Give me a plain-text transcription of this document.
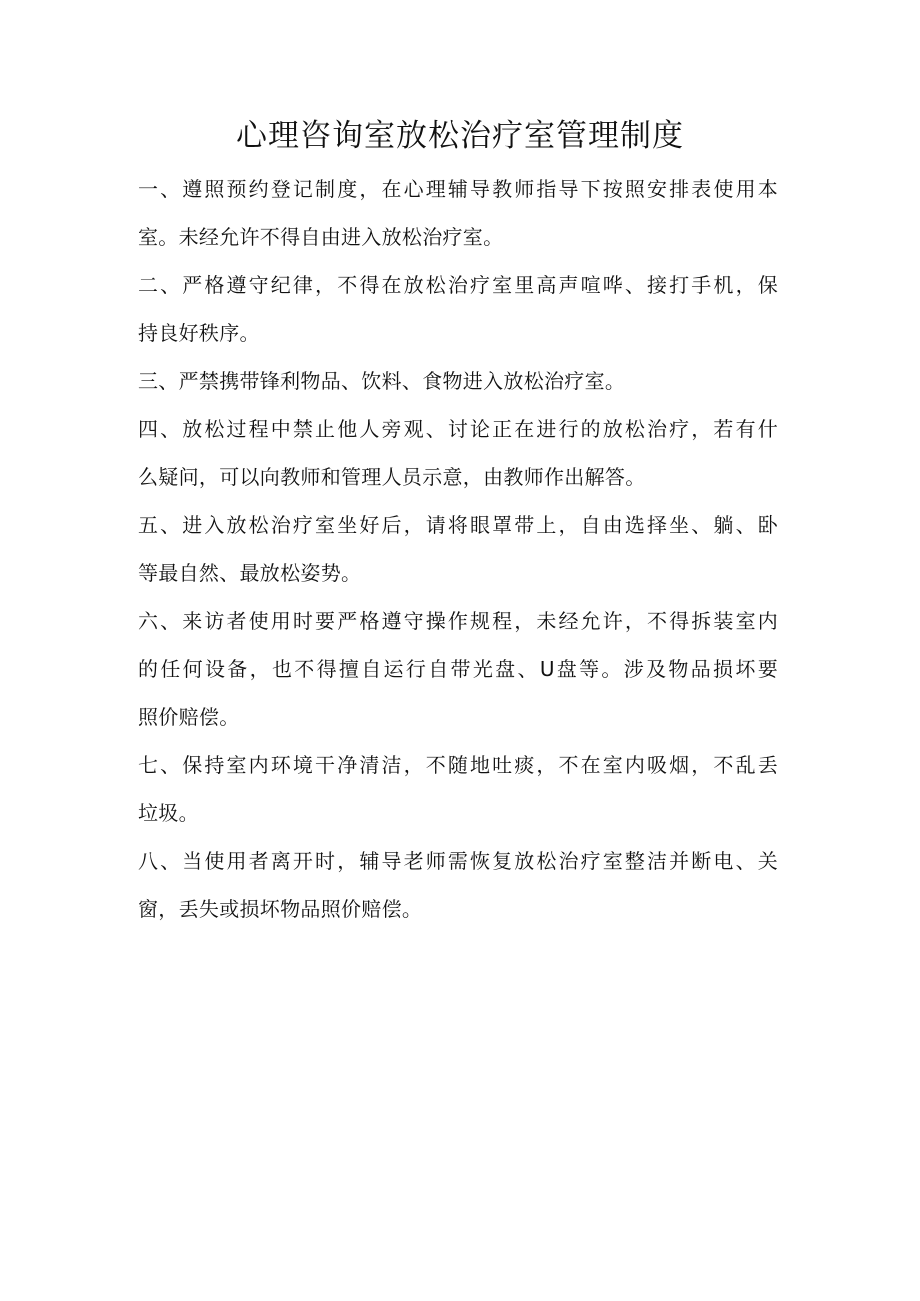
心理咨询室放松治疗室管理制度
一、遵照预约登记制度，在心理辅导教师指导下按照安排表使用本
室。未经允许不得自由进入放松治疗室。
二、严格遵守纪律，不得在放松治疗室里高声喧哗、接打手机，保
持良好秩序。
三、严禁携带锋利物品、饮料、食物进入放松治疗室。
四、放松过程中禁止他人旁观、讨论正在进行的放松治疗，若有什
么疑问，可以向教师和管理人员示意，由教师作出解答。
五、进入放松治疗室坐好后，请将眼罩带上，自由选择坐、躺、卧
等最自然、最放松姿势。
六、来访者使用时要严格遵守操作规程，未经允许，不得拆装室内
的任何设备，也不得擅自运行自带光盘、U盘等。涉及物品损坏要
照价赔偿。
七、保持室内环境干净清洁，不随地吐痰，不在室内吸烟，不乱丢
垃圾。
八、当使用者离开时，辅导老师需恢复放松治疗室整洁并断电、关
窗，丢失或损坏物品照价赔偿。
